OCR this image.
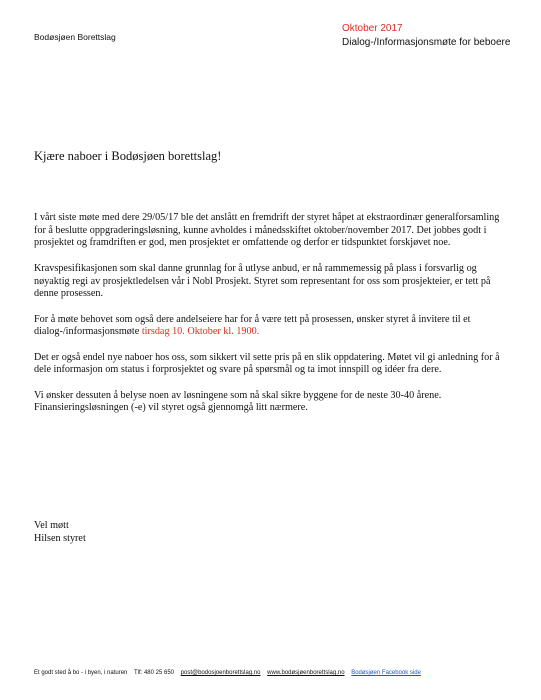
Bodøsjøen Borettslag
Oktober 2017
Dialog-/Informasjonsmøte for beboere
Kjære naboer i Bodøsjøen borettslag!

I vårt siste møte med dere 29/05/17 ble det anslått en fremdrift der styret håpet at ekstraordinær generalforsamling for å beslutte oppgraderingsløsning, kunne avholdes i månedsskiftet oktober/november 2017. Det jobbes godt i prosjektet og framdriften er god, men prosjektet er omfattende og derfor er tidspunktet forskjøvet noe.

Kravspesifikasjonen som skal danne grunnlag for å utlyse anbud, er nå rammemessig på plass i forsvarlig og nøyaktig regi av prosjektledelsen vår i Nobl Prosjekt. Styret som representant for oss som prosjekteier, er tett på denne prosessen.

For å møte behovet som også dere andelseiere har for å være tett på prosessen, ønsker styret å invitere til et dialog-/informasjonsmøte tirsdag 10. Oktober kl. 1900.

Det er også endel nye naboer hos oss, som sikkert vil sette pris på en slik oppdatering. Møtet vil gi anledning for å dele informasjon om status i forprosjektet og svare på spørsmål og ta imot innspill og idéer fra dere.

Vi ønsker dessuten å belyse noen av løsningene som nå skal sikre byggene for de neste 30-40 årene. Finansieringsløsningen (-e) vil styret også gjennomgå litt nærmere.

Vel møtt
Hilsen styret
Et godt sted å bo - i byen, i naturen Tlf: 480 25 650 post@bodosjoenborettslag.no www.bodøsjøenborettslag.no Bodøsjøen Facebook side
